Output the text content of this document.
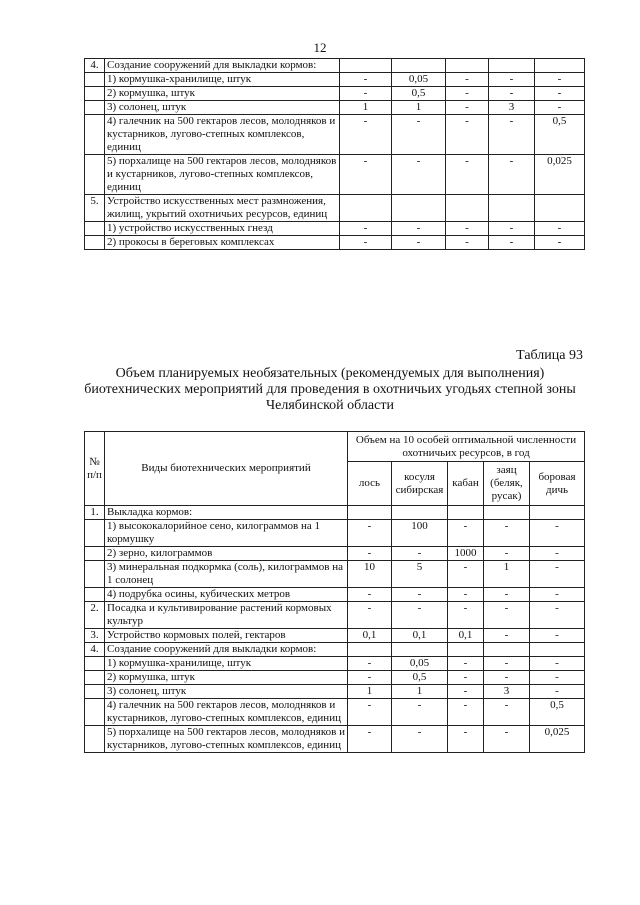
12
4.	Создание сооружений для выкладки кормов:					
	1) кормушка-хранилище, штук	-	0,05	-	-	-
	2) кормушка, штук	-	0,5	-	-	-
	3) солонец, штук	1	1	-	3	-
	4) галечник на 500 гектаров лесов, молодняков и кустарников, лугово-степных комплексов, единиц	-	-	-	-	0,5
	5) порхалище на 500 гектаров лесов, молодняков и кустарников, лугово-степных комплексов, единиц	-	-	-	-	0,025
5.	Устройство искусственных мест размножения, жилищ, укрытий охотничьих ресурсов, единиц					
	1) устройство искусственных гнезд	-	-	-	-	-
	2) прокосы в береговых комплексах	-	-	-	-	-
Таблица 93
Объем планируемых необязательных (рекомендуемых для выполнения) биотехнических мероприятий для проведения в охотничьих угодьях степной зоны Челябинской области
№ п/п	Виды биотехнических мероприятий	Объем на 10 особей оптимальной численности охотничьих ресурсов, в год				
		лось	косуля сибирская	кабан	заяц (беляк, русак)	боровая дичь
1.	Выкладка кормов:					
	1) высококалорийное сено, килограммов на 1 кормушку	-	100	-	-	-
	2) зерно, килограммов	-	-	1000	-	-
	3) минеральная подкормка (соль), килограммов на 1 солонец	10	5	-	1	-
	4) подрубка осины, кубических метров	-	-	-	-	-
2.	Посадка и культивирование растений кормовых культур	-	-	-	-	-
3.	Устройство кормовых полей, гектаров	0,1	0,1	0,1	-	-
4.	Создание сооружений для выкладки кормов:					
	1) кормушка-хранилище, штук	-	0,05	-	-	-
	2) кормушка, штук	-	0,5	-	-	-
	3) солонец, штук	1	1	-	3	-
	4) галечник на 500 гектаров лесов, молодняков и кустарников, лугово-степных комплексов, единиц	-	-	-	-	0,5
	5) порхалище на 500 гектаров лесов, молодняков и кустарников, лугово-степных комплексов, единиц	-	-	-	-	0,025
